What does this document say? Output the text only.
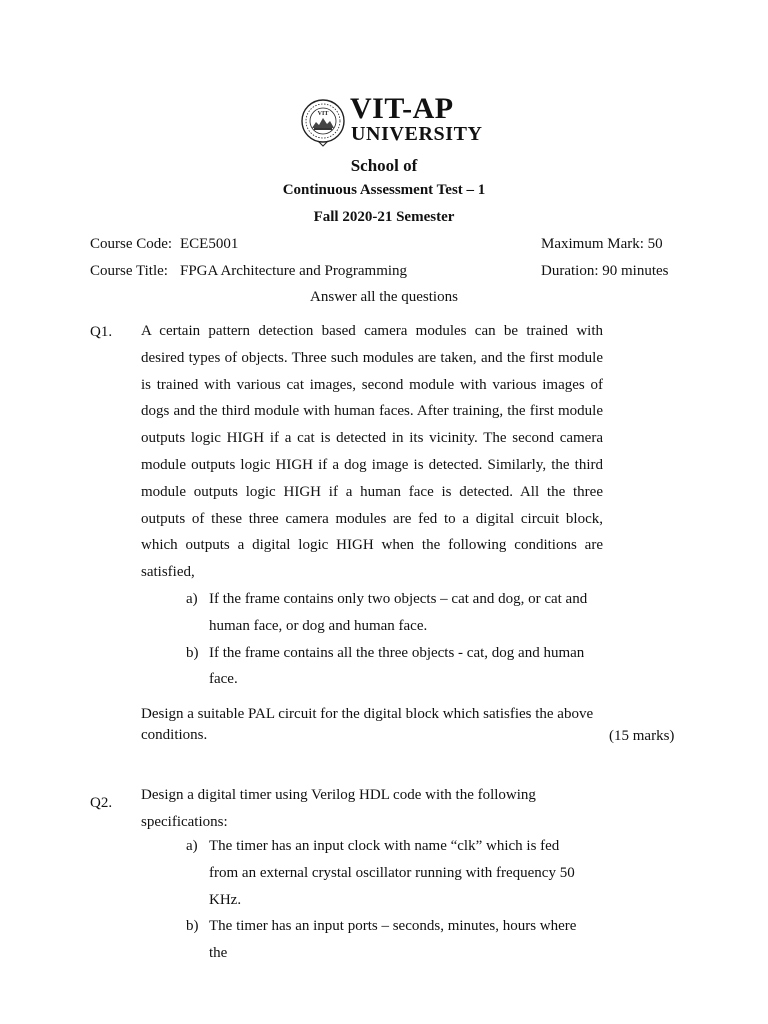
VIT VIT-AP
UNIVERSITY
School of
Continuous Assessment Test – 1
Fall 2020-21 Semester
Course Code: ECE5001	Maximum Mark: 50
Course Title: FPGA Architecture and Programming	Duration: 90 minutes
Answer all the questions
Q1. A certain pattern detection based camera modules can be trained with
desired types of objects. Three such modules are taken, and the first module
is trained with various cat images, second module with various images of
dogs and the third module with human faces. After training, the first module
outputs logic HIGH if a cat is detected in its vicinity. The second camera
module outputs logic HIGH if a dog image is detected. Similarly, the third
module outputs logic HIGH if a human face is detected. All the three
outputs of these three camera modules are fed to a digital circuit block,
which outputs a digital logic HIGH when the following conditions are
satisfied,
a) If the frame contains only two objects – cat and dog, or cat and human face, or dog and human face.
b) If the frame contains all the three objects - cat, dog and human face.
Design a suitable PAL circuit for the digital block which satisfies the above
conditions.	(15 marks)
Q2. Design a digital timer using Verilog HDL code with the following
specifications:
a) The timer has an input clock with name “clk” which is fed from an external crystal oscillator running with frequency 50 KHz.
b) The timer has an input ports – seconds, minutes, hours where the
